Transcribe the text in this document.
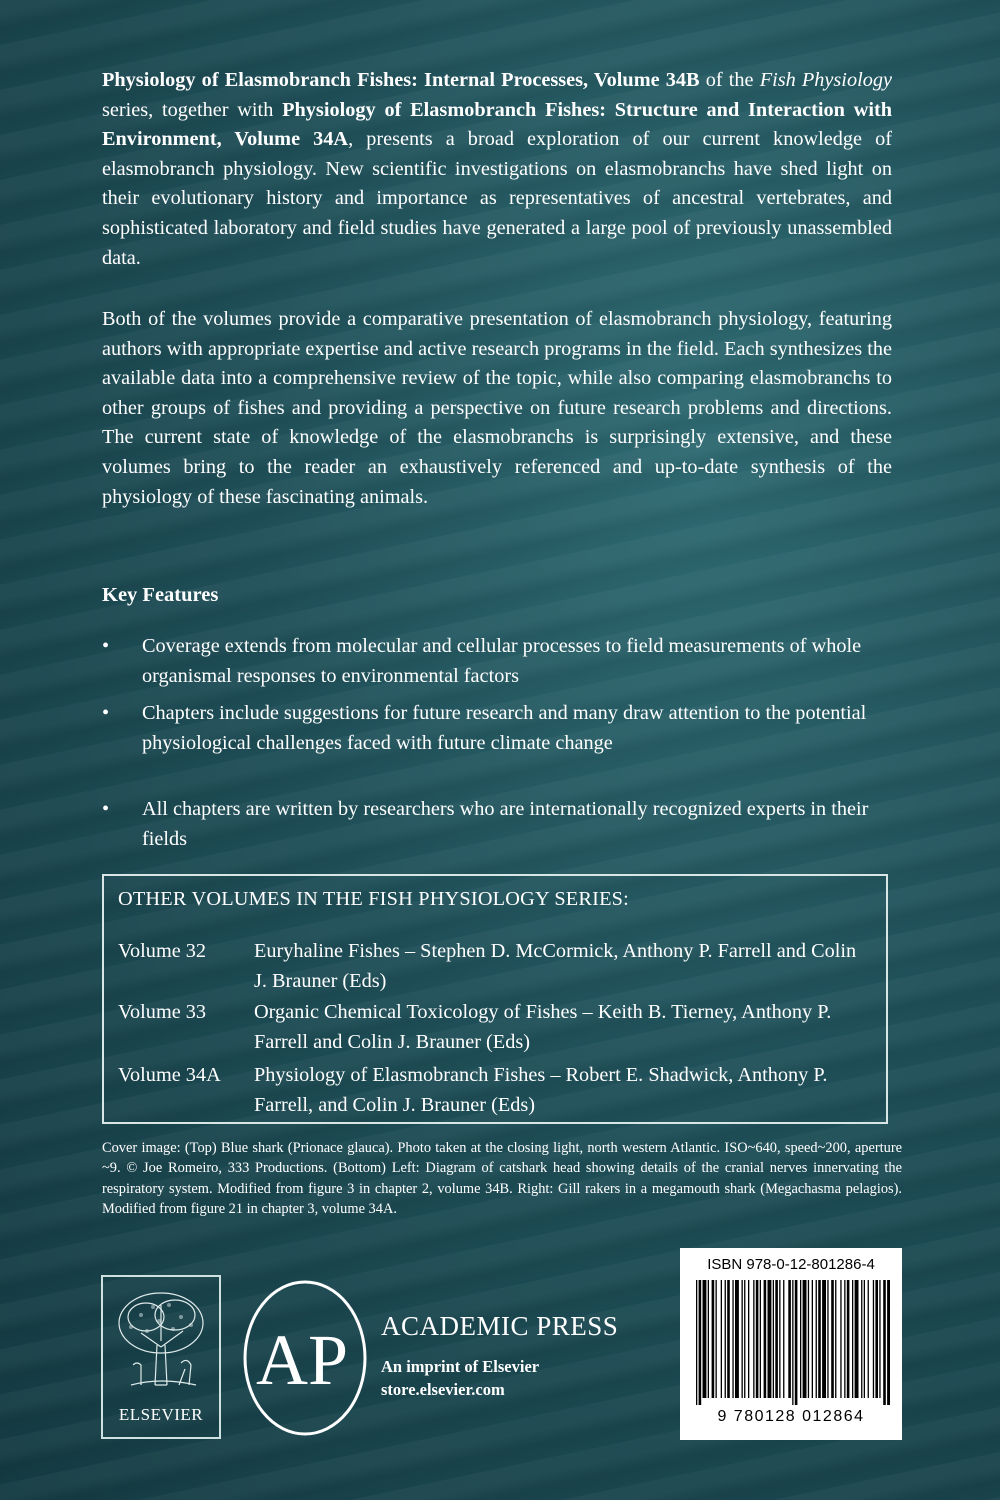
Physiology of Elasmobranch Fishes: Internal Processes, Volume 34B of the Fish Physiology series, together with Physiology of Elasmobranch Fishes: Structure and Interaction with Environment, Volume 34A, presents a broad exploration of our current knowledge of elasmobranch physiology. New scientific investigations on elasmobranchs have shed light on their evolutionary history and importance as representatives of ancestral vertebrates, and sophisticated laboratory and field studies have generated a large pool of previously unassembled data.

Both of the volumes provide a comparative presentation of elasmobranch physiology, featuring authors with appropriate expertise and active research programs in the field. Each synthesizes the available data into a comprehensive review of the topic, while also comparing elasmobranchs to other groups of fishes and providing a perspective on future research problems and directions. The current state of knowledge of the elasmobranchs is surprisingly extensive, and these volumes bring to the reader an exhaustively referenced and up-to-date synthesis of the physiology of these fascinating animals.

Key Features
• Coverage extends from molecular and cellular processes to field measurements of whole organismal responses to environmental factors
• Chapters include suggestions for future research and many draw attention to the potential physiological challenges faced with future climate change
• All chapters are written by researchers who are internationally recognized experts in their fields
OTHER VOLUMES IN THE FISH PHYSIOLOGY SERIES:
Volume 32 Euryhaline Fishes – Stephen D. McCormick, Anthony P. Farrell and Colin J. Brauner (Eds)
Volume 33 Organic Chemical Toxicology of Fishes – Keith B. Tierney, Anthony P. Farrell and Colin J. Brauner (Eds)
Volume 34A Physiology of Elasmobranch Fishes – Robert E. Shadwick, Anthony P. Farrell, and Colin J. Brauner (Eds)
Cover image: (Top) Blue shark (Prionace glauca). Photo taken at the closing light, north western Atlantic. ISO~640, speed~200, aperture ~9. © Joe Romeiro, 333 Productions. (Bottom) Left: Diagram of catshark head showing details of the cranial nerves innervating the respiratory system. Modified from figure 3 in chapter 2, volume 34B. Right: Gill rakers in a megamouth shark (Megachasma pelagios). Modified from figure 21 in chapter 3, volume 34A.
ELSEVIER
AP ACADEMIC PRESS
An imprint of Elsevier
store.elsevier.com
ISBN 978-0-12-801286-4
9 780128 012864
